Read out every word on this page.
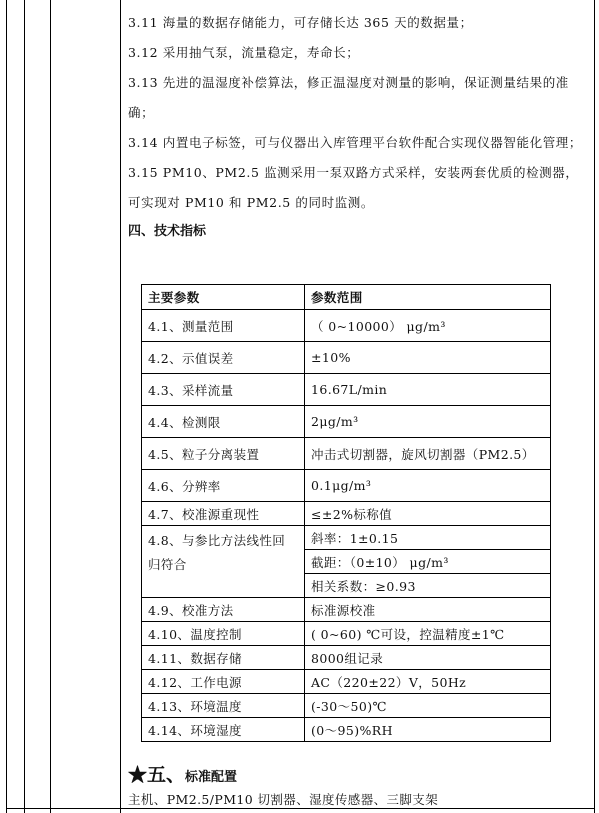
3.11 海量的数据存储能力，可存储长达 365 天的数据量；

3.12 采用抽气泵，流量稳定，寿命长；

3.13 先进的温湿度补偿算法，修正温湿度对测量的影响，保证测量结果的准确；

3.14 内置电子标签，可与仪器出入库管理平台软件配合实现仪器智能化管理；

3.15 PM10、PM2.5 监测采用一泵双路方式采样，安装两套优质的检测器，可实现对 PM10 和 PM2.5 的同时监测。

四、技术指标

主要参数	参数范围
4.1、测量范围	（ 0~10000） μg/m³
4.2、示值误差	±10%
4.3、采样流量	16.67L/min
4.4、检测限	2μg/m³
4.5、粒子分离装置	冲击式切割器，旋风切割器（PM2.5）
4.6、分辨率	0.1μg/m³
4.7、校准源重现性	≤±2%标称值
4.8、与参比方法线性回归符合	斜率：1±0.15
	截距：（0±10） μg/m³
	相关系数：≥0.93
4.9、校准方法	标准源校准
4.10、温度控制	( 0~60) ℃可设，控温精度±1℃
4.11、数据存储	8000组记录
4.12、工作电源	AC（220±22）V，50Hz
4.13、环境温度	(-30～50)℃
4.14、环境湿度	(0～95)%RH
★五、标准配置
主机、PM2.5/PM10 切割器、湿度传感器、三脚支架
